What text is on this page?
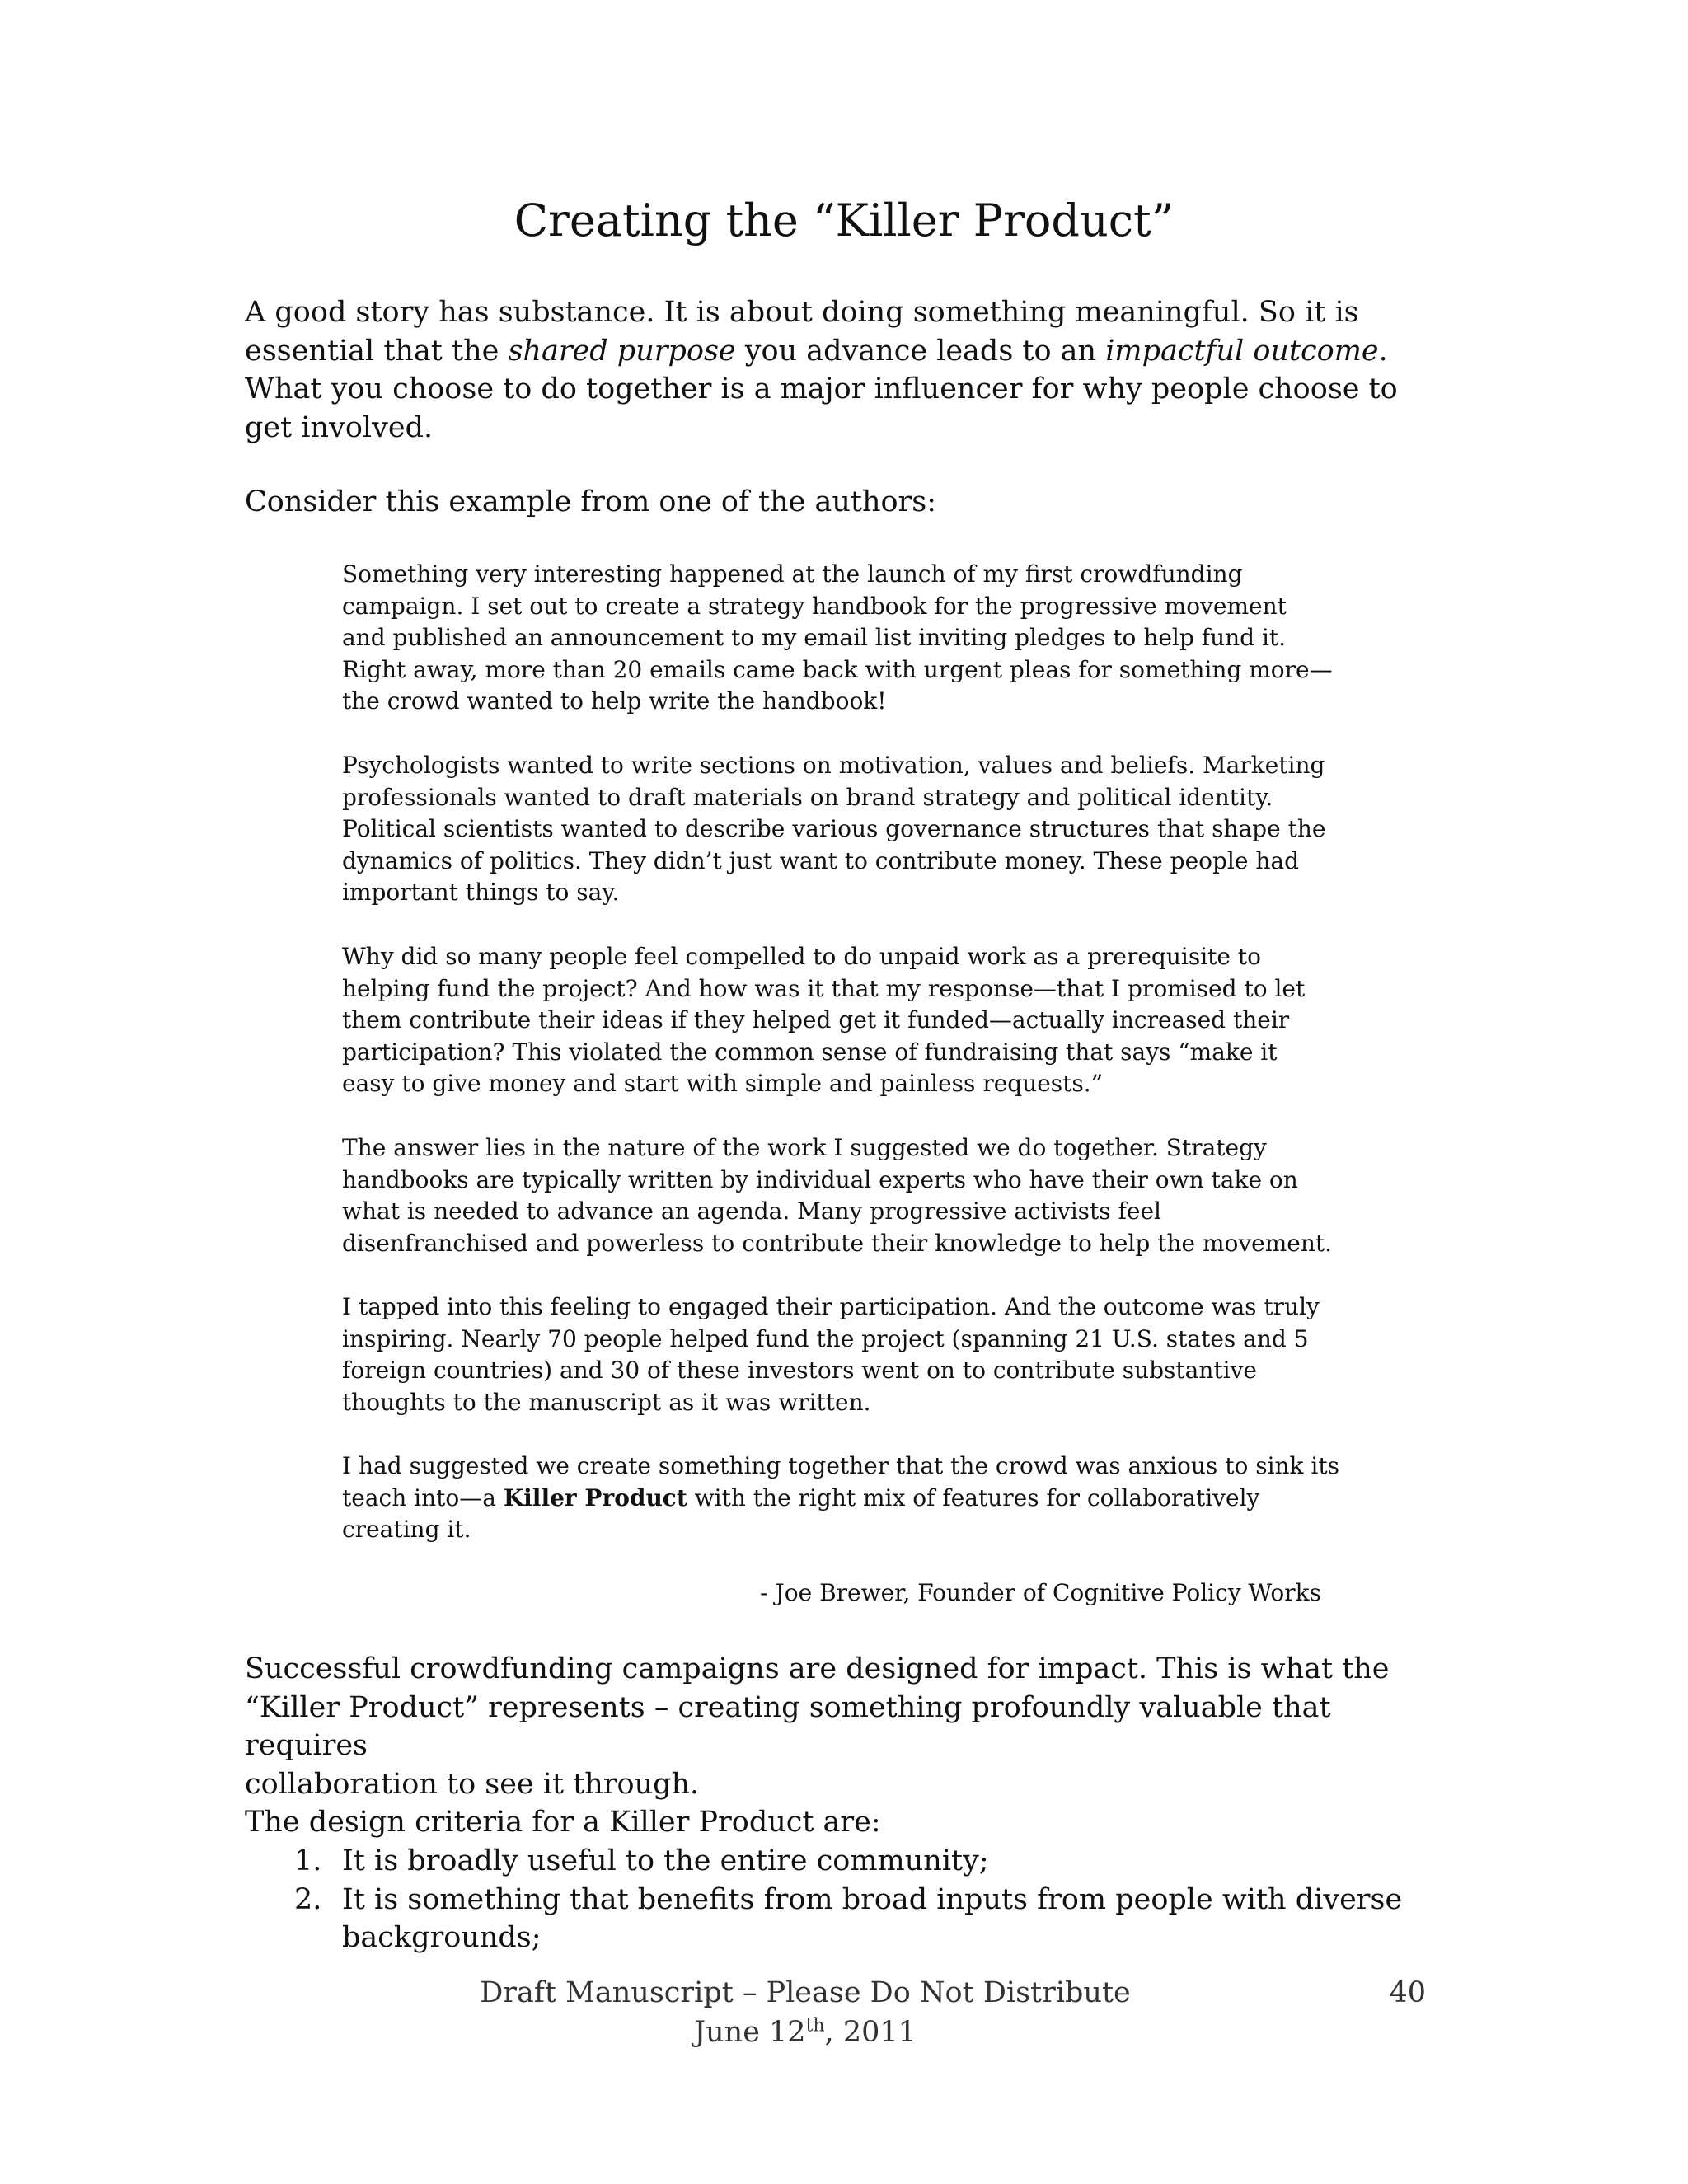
Creating the “Killer Product”

A good story has substance. It is about doing something meaningful. So it is essential that the shared purpose you advance leads to an impactful outcome. What you choose to do together is a major influencer for why people choose to get involved.

Consider this example from one of the authors:

Something very interesting happened at the launch of my first crowdfunding
campaign. I set out to create a strategy handbook for the progressive movement
and published an announcement to my email list inviting pledges to help fund it.
Right away, more than 20 emails came back with urgent pleas for something more—
the crowd wanted to help write the handbook!

Psychologists wanted to write sections on motivation, values and beliefs. Marketing
professionals wanted to draft materials on brand strategy and political identity.
Political scientists wanted to describe various governance structures that shape the
dynamics of politics. They didn’t just want to contribute money. These people had
important things to say.

Why did so many people feel compelled to do unpaid work as a prerequisite to
helping fund the project? And how was it that my response—that I promised to let
them contribute their ideas if they helped get it funded—actually increased their
participation? This violated the common sense of fundraising that says “make it
easy to give money and start with simple and painless requests.”

The answer lies in the nature of the work I suggested we do together. Strategy
handbooks are typically written by individual experts who have their own take on
what is needed to advance an agenda. Many progressive activists feel
disenfranchised and powerless to contribute their knowledge to help the movement.

I tapped into this feeling to engaged their participation. And the outcome was truly
inspiring. Nearly 70 people helped fund the project (spanning 21 U.S. states and 5
foreign countries) and 30 of these investors went on to contribute substantive
thoughts to the manuscript as it was written.

I had suggested we create something together that the crowd was anxious to sink its
teach into—a Killer Product with the right mix of features for collaboratively
creating it.

- Joe Brewer, Founder of Cognitive Policy Works

Successful crowdfunding campaigns are designed for impact. This is what the
“Killer Product” represents – creating something profoundly valuable that requires
collaboration to see it through.

The design criteria for a Killer Product are:

1. It is broadly useful to the entire community;
2. It is something that benefits from broad inputs from people with diverse
backgrounds;

Draft Manuscript – Please Do Not Distribute

June 12th, 2011

40
